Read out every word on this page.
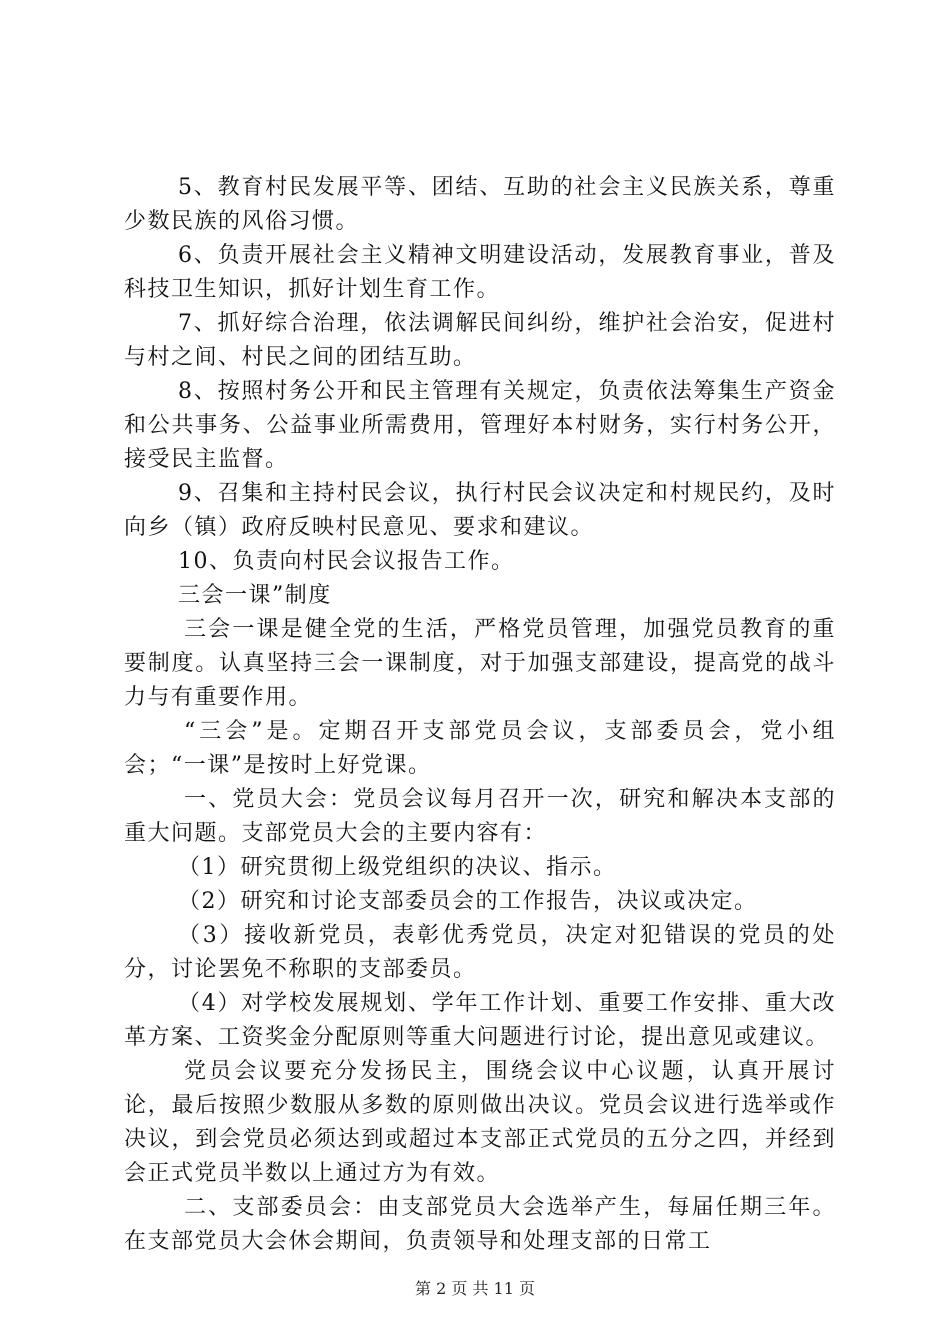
5、教育村民发展平等、团结、互助的社会主义民族关系，尊重少数民族的风俗习惯。

6、负责开展社会主义精神文明建设活动，发展教育事业，普及科技卫生知识，抓好计划生育工作。

7、抓好综合治理，依法调解民间纠纷，维护社会治安，促进村与村之间、村民之间的团结互助。

8、按照村务公开和民主管理有关规定，负责依法筹集生产资金和公共事务、公益事业所需费用，管理好本村财务，实行村务公开，接受民主监督。

9、召集和主持村民会议，执行村民会议决定和村规民约，及时向乡（镇）政府反映村民意见、要求和建议。

10、负责向村民会议报告工作。

三会一课”制度

三会一课是健全党的生活，严格党员管理，加强党员教育的重要制度。认真坚持三会一课制度，对于加强支部建设，提高党的战斗力与有重要作用。

“三会”是。定期召开支部党员会议，支部委员会，党小组会；“一课”是按时上好党课。

一、党员大会：党员会议每月召开一次，研究和解决本支部的重大问题。支部党员大会的主要内容有：

（1）研究贯彻上级党组织的决议、指示。

（2）研究和讨论支部委员会的工作报告，决议或决定。

（3）接收新党员，表彰优秀党员，决定对犯错误的党员的处分，讨论罢免不称职的支部委员。

（4）对学校发展规划、学年工作计划、重要工作安排、重大改革方案、工资奖金分配原则等重大问题进行讨论，提出意见或建议。

党员会议要充分发扬民主，围绕会议中心议题，认真开展讨论，最后按照少数服从多数的原则做出决议。党员会议进行选举或作决议，到会党员必须达到或超过本支部正式党员的五分之四，并经到会正式党员半数以上通过方为有效。

二、支部委员会：由支部党员大会选举产生，每届任期三年。在支部党员大会休会期间，负责领导和处理支部的日常工

第 2 页 共 11 页
